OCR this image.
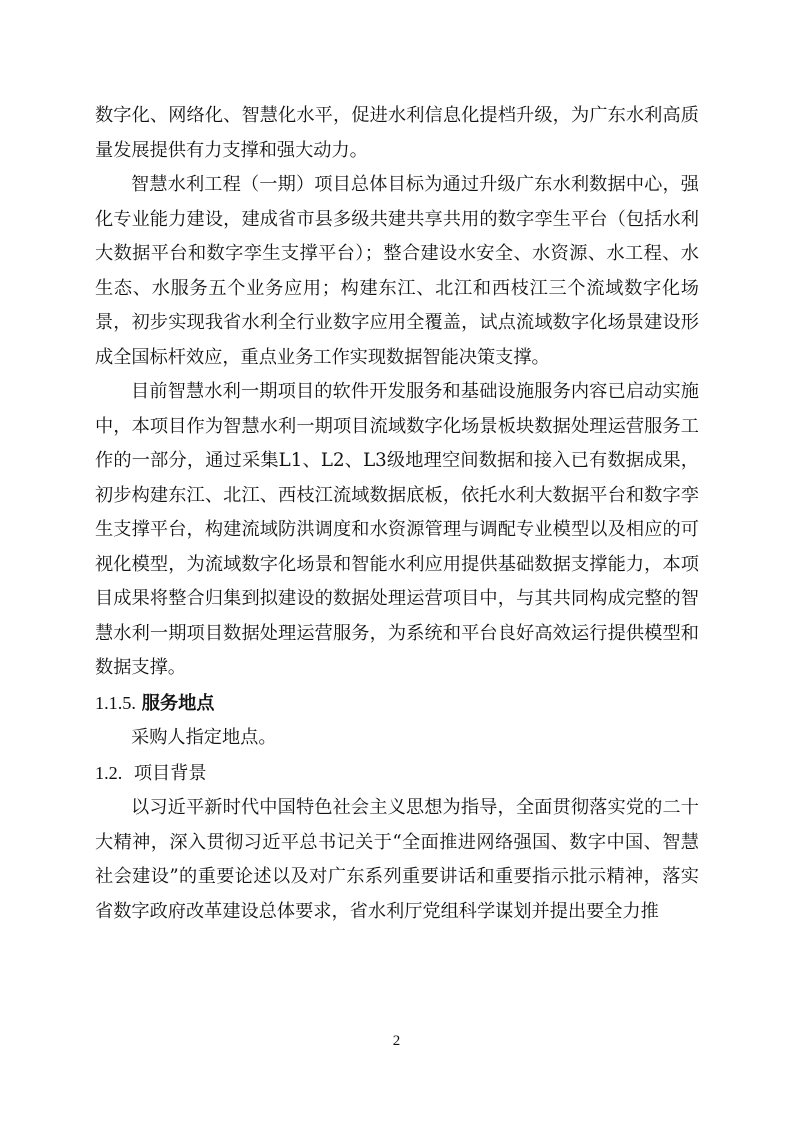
数字化、网络化、智慧化水平，促进水利信息化提档升级，为广东水利高质量发展提供有力支撑和强大动力。

智慧水利工程（一期）项目总体目标为通过升级广东水利数据中心，强化专业能力建设，建成省市县多级共建共享共用的数字孪生平台（包括水利大数据平台和数字孪生支撑平台）；整合建设水安全、水资源、水工程、水生态、水服务五个业务应用；构建东江、北江和西枝江三个流域数字化场景，初步实现我省水利全行业数字应用全覆盖，试点流域数字化场景建设形成全国标杆效应，重点业务工作实现数据智能决策支撑。

目前智慧水利一期项目的软件开发服务和基础设施服务内容已启动实施中，本项目作为智慧水利一期项目流域数字化场景板块数据处理运营服务工作的一部分，通过采集L1、L2、L3级地理空间数据和接入已有数据成果，初步构建东江、北江、西枝江流域数据底板，依托水利大数据平台和数字孪生支撑平台，构建流域防洪调度和水资源管理与调配专业模型以及相应的可视化模型，为流域数字化场景和智能水利应用提供基础数据支撑能力，本项目成果将整合归集到拟建设的数据处理运营项目中，与其共同构成完整的智慧水利一期项目数据处理运营服务，为系统和平台良好高效运行提供模型和数据支撑。

1.1.5. 服务地点

采购人指定地点。

1.2. 项目背景

以习近平新时代中国特色社会主义思想为指导，全面贯彻落实党的二十大精神，深入贯彻习近平总书记关于“全面推进网络强国、数字中国、智慧社会建设”的重要论述以及对广东系列重要讲话和重要指示批示精神，落实省数字政府改革建设总体要求，省水利厅党组科学谋划并提出要全力推

2
